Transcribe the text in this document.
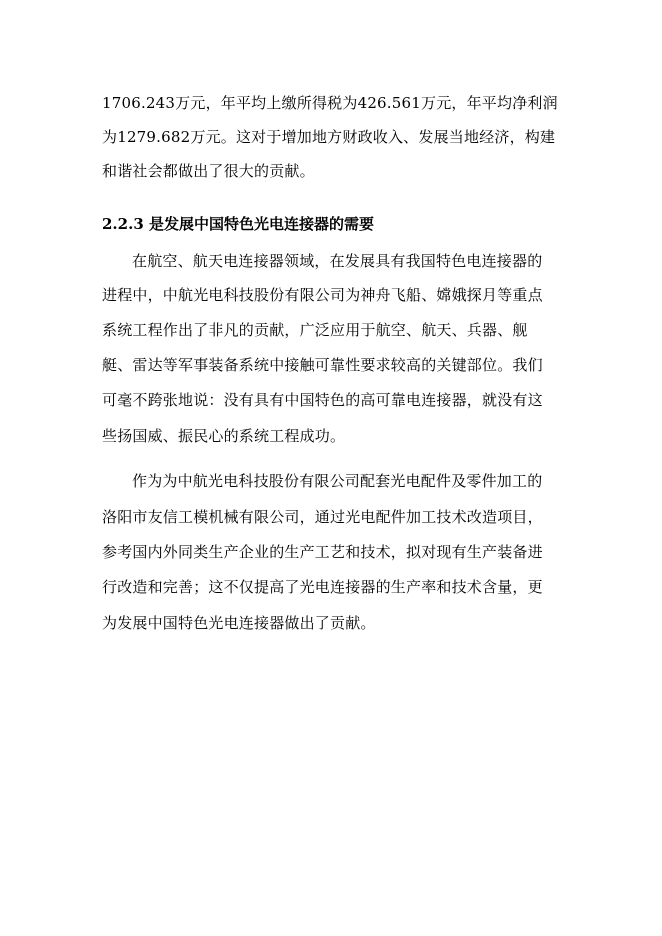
1706.243万元，年平均上缴所得税为426.561万元，年平均净利润
为1279.682万元。这对于增加地方财政收入、发展当地经济，构建
和谐社会都做出了很大的贡献。
2.2.3 是发展中国特色光电连接器的需要
在航空、航天电连接器领域，在发展具有我国特色电连接器的
进程中，中航光电科技股份有限公司为神舟飞船、嫦娥探月等重点
系统工程作出了非凡的贡献，广泛应用于航空、航天、兵器、舰
艇、雷达等军事装备系统中接触可靠性要求较高的关键部位。我们
可毫不跨张地说：没有具有中国特色的高可靠电连接器，就没有这
些扬国威、振民心的系统工程成功。
作为为中航光电科技股份有限公司配套光电配件及零件加工的
洛阳市友信工模机械有限公司，通过光电配件加工技术改造项目，
参考国内外同类生产企业的生产工艺和技术，拟对现有生产装备进
行改造和完善；这不仅提高了光电连接器的生产率和技术含量，更
为发展中国特色光电连接器做出了贡献。
